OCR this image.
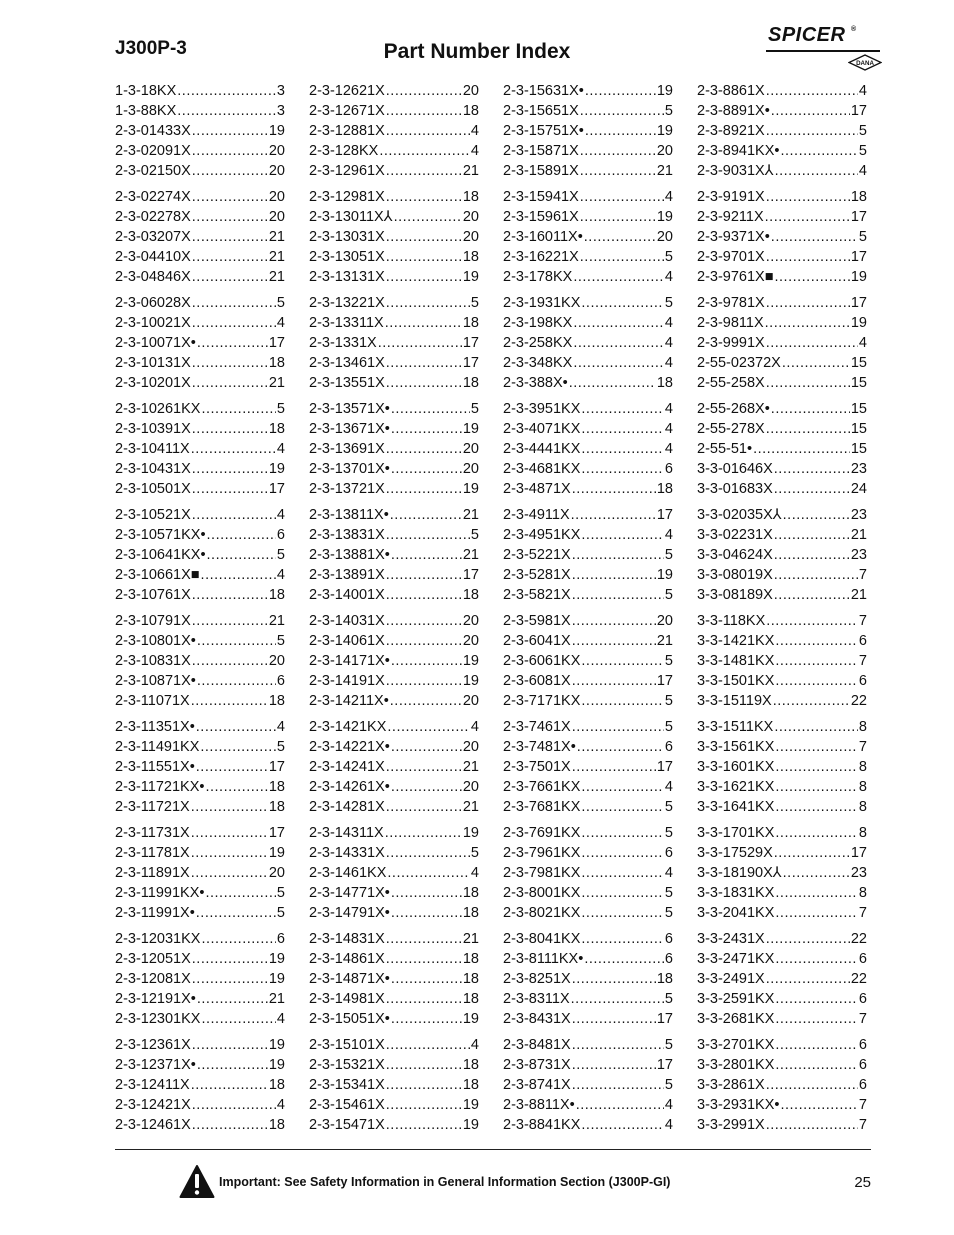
J300P-3	Part Number Index
SPICER ®
DANA
1-3-18KX .....	3
1-3-88KX .....	3
2-3-01433X .....	19
2-3-02091X .....	20
2-3-02150X .....	20
2-3-02274X .....	20
2-3-02278X .....	20
2-3-03207X .....	21
2-3-04410X .....	21
2-3-04846X .....	21
2-3-06028X .....	5
2-3-10021X .....	4
2-3-10071X• .....	17
2-3-10131X .....	18
2-3-10201X .....	21
2-3-10261KX .....	5
2-3-10391X .....	18
2-3-10411X .....	4
2-3-10431X .....	19
2-3-10501X .....	17
2-3-10521X .....	4
2-3-10571KX• .....	6
2-3-10641KX• .....	5
2-3-10661X■ .....	4
2-3-10761X .....	18
2-3-10791X .....	21
2-3-10801X• .....	5
2-3-10831X .....	20
2-3-10871X• .....	6
2-3-11071X .....	18
2-3-11351X• .....	4
2-3-11491KX .....	5
2-3-11551X• .....	17
2-3-11721KX• .....	18
2-3-11721X .....	18
2-3-11731X .....	17
2-3-11781X .....	19
2-3-11891X .....	20
2-3-11991KX• .....	5
2-3-11991X• .....	5
2-3-12031KX .....	6
2-3-12051X .....	19
2-3-12081X .....	19
2-3-12191X• .....	21
2-3-12301KX .....	4
2-3-12361X .....	19
2-3-12371X• .....	19
2-3-12411X .....	18
2-3-12421X .....	4
2-3-12461X .....	18
2-3-12621X .....	20
2-3-12671X .....	18
2-3-12881X .....	4
2-3-128KX .....	4
2-3-12961X .....	21
2-3-12981X .....	18
2-3-13011X⅄ .....	20
2-3-13031X .....	20
2-3-13051X .....	18
2-3-13131X .....	19
2-3-13221X .....	5
2-3-13311X .....	18
2-3-1331X .....	17
2-3-13461X .....	17
2-3-13551X .....	18
2-3-13571X• .....	5
2-3-13671X• .....	19
2-3-13691X .....	20
2-3-13701X• .....	20
2-3-13721X .....	19
2-3-13811X• .....	21
2-3-13831X .....	5
2-3-13881X• .....	21
2-3-13891X .....	17
2-3-14001X .....	18
2-3-14031X .....	20
2-3-14061X .....	20
2-3-14171X• .....	19
2-3-14191X .....	19
2-3-14211X• .....	20
2-3-1421KX .....	4
2-3-14221X• .....	20
2-3-14241X .....	21
2-3-14261X• .....	20
2-3-14281X .....	21
2-3-14311X .....	19
2-3-14331X .....	5
2-3-1461KX .....	4
2-3-14771X• .....	18
2-3-14791X• .....	18
2-3-14831X .....	21
2-3-14861X .....	18
2-3-14871X• .....	18
2-3-14981X .....	18
2-3-15051X• .....	19
2-3-15101X .....	4
2-3-15321X .....	18
2-3-15341X .....	18
2-3-15461X .....	19
2-3-15471X .....	19
2-3-15631X• .....	19
2-3-15651X .....	5
2-3-15751X• .....	19
2-3-15871X .....	20
2-3-15891X .....	21
2-3-15941X .....	4
2-3-15961X .....	19
2-3-16011X• .....	20
2-3-16221X .....	5
2-3-178KX .....	4
2-3-1931KX .....	5
2-3-198KX .....	4
2-3-258KX .....	4
2-3-348KX .....	4
2-3-388X• .....	18
2-3-3951KX .....	4
2-3-4071KX .....	4
2-3-4441KX .....	4
2-3-4681KX .....	6
2-3-4871X .....	18
2-3-4911X .....	17
2-3-4951KX .....	4
2-3-5221X .....	5
2-3-5281X .....	19
2-3-5821X .....	5
2-3-5981X .....	20
2-3-6041X .....	21
2-3-6061KX .....	5
2-3-6081X .....	17
2-3-7171KX .....	5
2-3-7461X .....	5
2-3-7481X• .....	6
2-3-7501X .....	17
2-3-7661KX .....	4
2-3-7681KX .....	5
2-3-7691KX .....	5
2-3-7961KX .....	6
2-3-7981KX .....	4
2-3-8001KX .....	5
2-3-8021KX .....	5
2-3-8041KX .....	6
2-3-8111KX• .....	6
2-3-8251X .....	18
2-3-8311X .....	5
2-3-8431X .....	17
2-3-8481X .....	5
2-3-8731X .....	17
2-3-8741X .....	5
2-3-8811X• .....	4
2-3-8841KX .....	4
2-3-8861X .....	4
2-3-8891X• .....	17
2-3-8921X .....	5
2-3-8941KX• .....	5
2-3-9031X⅄ .....	4
2-3-9191X .....	18
2-3-9211X .....	17
2-3-9371X• .....	5
2-3-9701X .....	17
2-3-9761X■ .....	19
2-3-9781X .....	17
2-3-9811X .....	19
2-3-9991X .....	4
2-55-02372X .....	15
2-55-258X .....	15
2-55-268X• .....	15
2-55-278X .....	15
2-55-51• .....	15
3-3-01646X .....	23
3-3-01683X .....	24
3-3-02035X⅄ .....	23
3-3-02231X .....	21
3-3-04624X .....	23
3-3-08019X .....	7
3-3-08189X .....	21
3-3-118KX .....	7
3-3-1421KX .....	6
3-3-1481KX .....	7
3-3-1501KX .....	6
3-3-15119X .....	22
3-3-1511KX .....	8
3-3-1561KX .....	7
3-3-1601KX .....	8
3-3-1621KX .....	8
3-3-1641KX .....	8
3-3-1701KX .....	8
3-3-17529X .....	17
3-3-18190X⅄ .....	23
3-3-1831KX .....	8
3-3-2041KX .....	7
3-3-2431X .....	22
3-3-2471KX .....	6
3-3-2491X .....	22
3-3-2591KX .....	6
3-3-2681KX .....	7
3-3-2701KX .....	6
3-3-2801KX .....	6
3-3-2861X .....	6
3-3-2931KX• .....	7
3-3-2991X .....	7
Important: See Safety Information in General Information Section (J300P-GI)	25
